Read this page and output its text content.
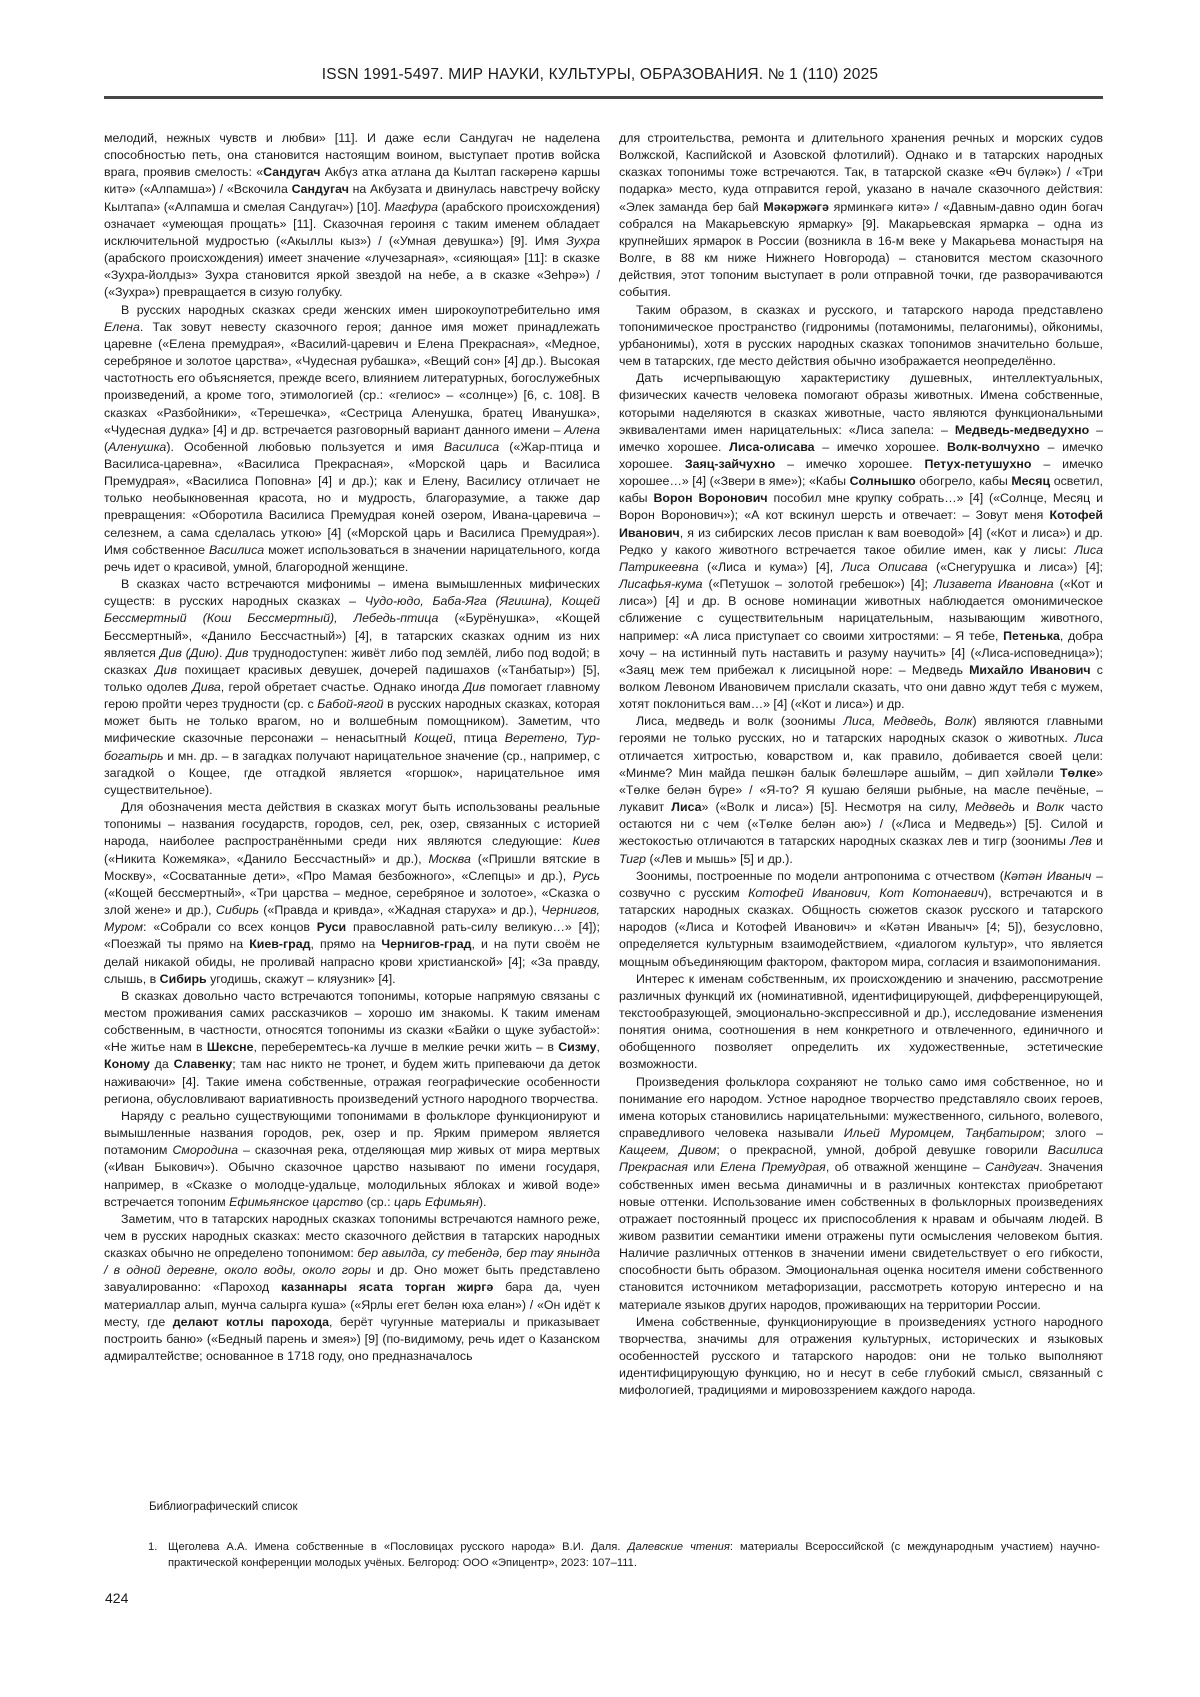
ISSN 1991-5497. МИР НАУКИ, КУЛЬТУРЫ, ОБРАЗОВАНИЯ. № 1 (110) 2025

мелодий, нежных чувств и любви» [11]. И даже если Сандугач не наделена способностью петь, она становится настоящим воином, выступает против войска врага, проявив смелость: «Сандугач Акбүз атка атлана да Кылтап гаскәренә каршы китә» («Алпамша») / «Вскочила Сандугач на Акбузата и двинулась навстречу войску Кылтапа» («Алпамша и смелая Сандугач») [10]. Магфура (арабского происхождения) означает «умеющая прощать» [11]. Сказочная героиня с таким именем обладает исключительной мудростью («Акыллы кыз») / («Умная девушка») [9]. Имя Зухра (арабского происхождения) имеет значение «лучезарная», «сияющая» [11]: в сказке «Зухра-йолдыз» Зухра становится яркой звездой на небе, а в сказке «Зеһрә») / («Зухра») превращается в сизую голубку.

В русских народных сказках среди женских имен широкоупотребительно имя Елена. Так зовут невесту сказочного героя; данное имя может принадлежать царевне («Елена премудрая», «Василий-царевич и Елена Прекрасная», «Медное, серебряное и золотое царства», «Чудесная рубашка», «Вещий сон» [4] др.). Высокая частотность его объясняется, прежде всего, влиянием литературных, богослужебных произведений, а кроме того, этимологией (ср.: «гелиос» – «солнце») [6, с. 108]. В сказках «Разбойники», «Терешечка», «Сестрица Аленушка, братец Иванушка», «Чудесная дудка» [4] и др. встречается разговорный вариант данного имени – Алена (Аленушка). Особенной любовью пользуется и имя Василиса («Жар-птица и Василиса-царевна», «Василиса Прекрасная», «Морской царь и Василиса Премудрая», «Василиса Поповна» [4] и др.); как и Елену, Василису отличает не только необыкновенная красота, но и мудрость, благоразумие, а также дар превращения: «Оборотила Василиса Премудрая коней озером, Ивана-царевича – селезнем, а сама сделалась уткою» [4] («Морской царь и Василиса Премудрая»). Имя собственное Василиса может использоваться в значении нарицательного, когда речь идет о красивой, умной, благородной женщине.

В сказках часто встречаются мифонимы – имена вымышленных мифических существ: в русских народных сказках – Чудо-юдо, Баба-Яга (Ягишна), Кощей Бессмертный (Кош Бессмертный), Лебедь-птица («Бурёнушка», «Кощей Бессмертный», «Данило Бессчастный») [4], в татарских сказках одним из них является Див (Дию). Див труднодоступен: живёт либо под землёй, либо под водой; в сказках Див похищает красивых девушек, дочерей падишахов («Танбатыр») [5], только одолев Дива, герой обретает счастье. Однако иногда Див помогает главному герою пройти через трудности (ср. с Бабой-ягой в русских народных сказках, которая может быть не только врагом, но и волшебным помощником). Заметим, что мифические сказочные персонажи – ненасытный Кощей, птица Веретено, Тур-богатырь и мн. др. – в загадках получают нарицательное значение (ср., например, с загадкой о Кощее, где отгадкой является «горшок», нарицательное имя существительное).

Для обозначения места действия в сказках могут быть использованы реальные топонимы – названия государств, городов, сел, рек, озер, связанных с историей народа, наиболее распространёнными среди них являются следующие: Киев («Никита Кожемяка», «Данило Бессчастный» и др.), Москва («Пришли вятские в Москву», «Сосватанные дети», «Про Мамая безбожного», «Слепцы» и др.), Русь («Кощей бессмертный», «Три царства – медное, серебряное и золотое», «Сказка о злой жене» и др.), Сибирь («Правда и кривда», «Жадная старуха» и др.), Чернигов, Муром: «Собрали со всех концов Руси православной рать-силу великую…» [4]); «Поезжай ты прямо на Киев-град, прямо на Чернигов-град, и на пути своём не делай никакой обиды, не проливай напрасно крови христианской» [4]; «За правду, слышь, в Сибирь угодишь, скажут – кляузник» [4].

В сказках довольно часто встречаются топонимы, которые напрямую связаны с местом проживания самих рассказчиков – хорошо им знакомы. К таким именам собственным, в частности, относятся топонимы из сказки «Байки о щуке зубастой»: «Не житье нам в Шексне, переберемтесь-ка лучше в мелкие речки жить – в Сизму, Коному да Славенку; там нас никто не тронет, и будем жить припеваючи да деток наживаючи» [4]. Такие имена собственные, отражая географические особенности региона, обусловливают вариативность произведений устного народного творчества.

Наряду с реально существующими топонимами в фольклоре функционируют и вымышленные названия городов, рек, озер и пр. Ярким примером является потамоним Смородина – сказочная река, отделяющая мир живых от мира мертвых («Иван Быкович»). Обычно сказочное царство называют по имени государя, например, в «Сказке о молодце-удальце, молодильных яблоках и живой воде» встречается топоним Ефимьянское царство (ср.: царь Ефимьян).

Заметим, что в татарских народных сказках топонимы встречаются намного реже, чем в русских народных сказках: место сказочного действия в татарских народных сказках обычно не определено топонимом: бер авылда, су тебендә, бер тау янында / в одной деревне, около воды, около горы и др. Оно может быть представлено завуалированно: «Пароход казаннары ясата торган жиргә бара да, чуен материаллар алып, мунча салырга куша» («Ярлы егет белән юха елан») / «Он идёт к месту, где делают котлы парохода, берёт чугунные материалы и приказывает построить баню» («Бедный парень и змея») [9] (по-видимому, речь идет о Казанском адмиралтействе; основанное в 1718 году, оно предназначалось

для строительства, ремонта и длительного хранения речных и морских судов Волжской, Каспийской и Азовской флотилий). Однако и в татарских народных сказках топонимы тоже встречаются. Так, в татарской сказке «Өч бүләк») / «Три подарка» место, куда отправится герой, указано в начале сказочного действия: «Элек заманда бер бай Мәкәржәгә ярминкәгә китә» / «Давным-давно один богач собрался на Макарьевскую ярмарку» [9]. Макарьевская ярмарка – одна из крупнейших ярмарок в России (возникла в 16-м веке у Макарьева монастыря на Волге, в 88 км ниже Нижнего Новгорода) – становится местом сказочного действия, этот топоним выступает в роли отправной точки, где разворачиваются события.

Таким образом, в сказках и русского, и татарского народа представлено топонимическое пространство (гидронимы (потамонимы, пелагонимы), ойконимы, урбанонимы), хотя в русских народных сказках топонимов значительно больше, чем в татарских, где место действия обычно изображается неопределённо.

Дать исчерпывающую характеристику душевных, интеллектуальных, физических качеств человека помогают образы животных. Имена собственные, которыми наделяются в сказках животные, часто являются функциональными эквивалентами имен нарицательных: «Лиса запела: – Медведь-медведухно – имечко хорошее. Лиса-олисава – имечко хорошее. Волк-волчухно – имечко хорошее. Заяц-зайчухно – имечко хорошее. Петух-петушухно – имечко хорошее…» [4] («Звери в яме»); «Кабы Солнышко обогрело, кабы Месяц осветил, кабы Ворон Воронович пособил мне крупку собрать…» [4] («Солнце, Месяц и Ворон Воронович»); «А кот вскинул шерсть и отвечает: – Зовут меня Котофей Иванович, я из сибирских лесов прислан к вам воеводой» [4] («Кот и лиса») и др. Редко у какого животного встречается такое обилие имен, как у лисы: Лиса Патрикеевна («Лиса и кума») [4], Лиса Описава («Снегурушка и лиса») [4]; Лисафья-кума («Петушок – золотой гребешок») [4]; Лизавета Ивановна («Кот и лиса») [4] и др. В основе номинации животных наблюдается омонимическое сближение с существительным нарицательным, называющим животного, например: «А лиса приступает со своими хитростями: – Я тебе, Петенька, добра хочу – на истинный путь наставить и разуму научить» [4] («Лиса-исповедница»); «Заяц меж тем прибежал к лисицыной норе: – Медведь Михайло Иванович с волком Левоном Ивановичем прислали сказать, что они давно ждут тебя с мужем, хотят поклониться вам…» [4] («Кот и лиса») и др.

Лиса, медведь и волк (зоонимы Лиса, Медведь, Волк) являются главными героями не только русских, но и татарских народных сказок о животных. Лиса отличается хитростью, коварством и, как правило, добивается своей цели: «Минме? Мин майда пешкән балык бәлешләре ашыйм, – дип хәйләли Төлке» «Төлке белән бүре» / «Я-то? Я кушаю беляши рыбные, на масле печёные, – лукавит Лиса» («Волк и лиса») [5]. Несмотря на силу, Медведь и Волк часто остаются ни с чем («Төлке белән аю») / («Лиса и Медведь») [5]. Силой и жестокостью отличаются в татарских народных сказках лев и тигр (зоонимы Лев и Тигр («Лев и мышь» [5] и др.).

Зоонимы, построенные по модели антропонима с отчеством (Кәтән Иваныч – созвучно с русским Котофей Иванович, Кот Котонаевич), встречаются и в татарских народных сказках. Общность сюжетов сказок русского и татарского народов («Лиса и Котофей Иванович» и «Кәтән Иваныч» [4; 5]), безусловно, определяется культурным взаимодействием, «диалогом культур», что является мощным объединяющим фактором, фактором мира, согласия и взаимопонимания.

Интерес к именам собственным, их происхождению и значению, рассмотрение различных функций их (номинативной, идентифицирующей, дифференцирующей, текстообразующей, эмоционально-экспрессивной и др.), исследование изменения понятия онима, соотношения в нем конкретного и отвлеченного, единичного и обобщенного позволяет определить их художественные, эстетические возможности.

Произведения фольклора сохраняют не только само имя собственное, но и понимание его народом. Устное народное творчество представляло своих героев, имена которых становились нарицательными: мужественного, сильного, волевого, справедливого человека называли Ильей Муромцем, Таңбатыром; злого – Кащеем, Дивом; о прекрасной, умной, доброй девушке говорили Василиса Прекрасная или Елена Премудрая, об отважной женщине – Сандугач. Значения собственных имен весьма динамичны и в различных контекстах приобретают новые оттенки. Использование имен собственных в фольклорных произведениях отражает постоянный процесс их приспособления к нравам и обычаям людей. В живом развитии семантики имени отражены пути осмысления человеком бытия. Наличие различных оттенков в значении имени свидетельствует о его гибкости, способности быть образом. Эмоциональная оценка носителя имени собственного становится источником метафоризации, рассмотреть которую интересно и на материале языков других народов, проживающих на территории России.

Имена собственные, функционирующие в произведениях устного народного творчества, значимы для отражения культурных, исторических и языковых особенностей русского и татарского народов: они не только выполняют идентифицирующую функцию, но и несут в себе глубокий смысл, связанный с мифологией, традициями и мировоззрением каждого народа.

Библиографический список
1. Щеголева А.А. Имена собственные в «Пословицах русского народа» В.И. Даля. Далевские чтения: материалы Всероссийской (с международным участием) научно-практической конференции молодых учёных. Белгород: ООО «Эпицентр», 2023: 107–111.
424
